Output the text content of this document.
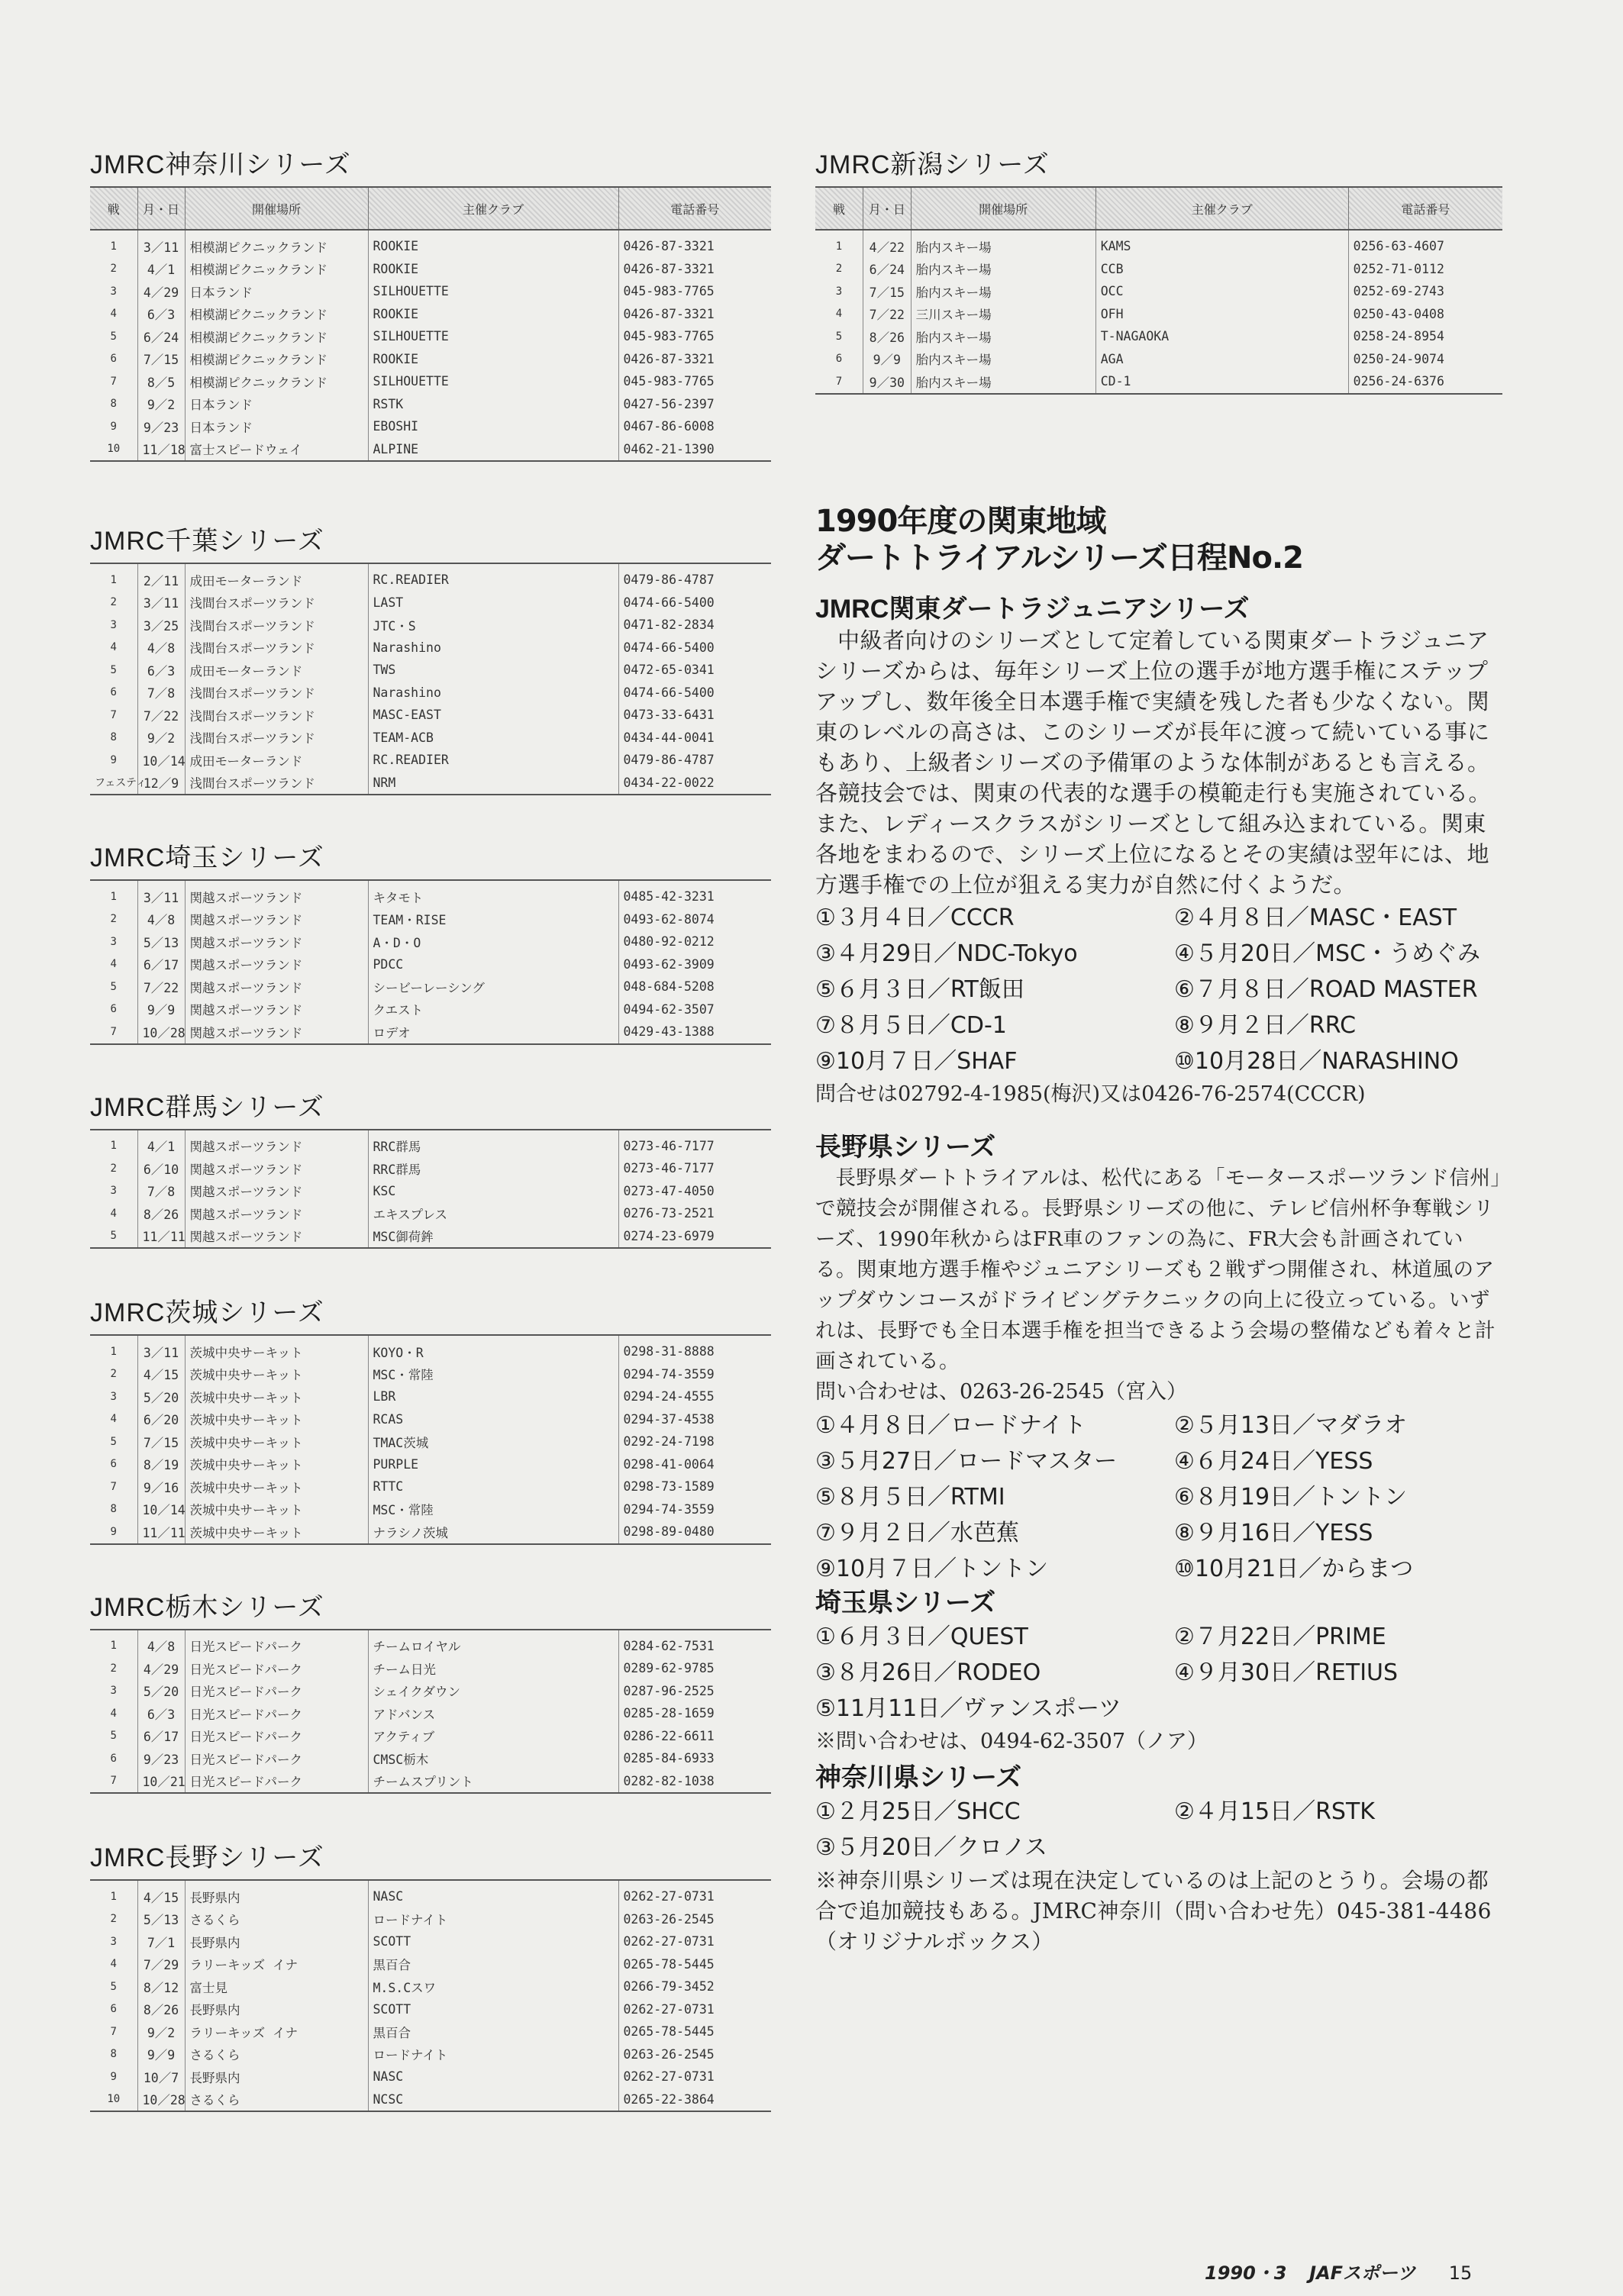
JMRC神奈川シリーズ
戦	月・日	開催場所	主催クラブ	電話番号
1	3／11	相模湖ピクニックランド	ROOKIE	0426-87-3321
2	4／1	相模湖ピクニックランド	ROOKIE	0426-87-3321
3	4／29	日本ランド	SILHOUETTE	045-983-7765
4	6／3	相模湖ピクニックランド	ROOKIE	0426-87-3321
5	6／24	相模湖ピクニックランド	SILHOUETTE	045-983-7765
6	7／15	相模湖ピクニックランド	ROOKIE	0426-87-3321
7	8／5	相模湖ピクニックランド	SILHOUETTE	045-983-7765
8	9／2	日本ランド	RSTK	0427-56-2397
9	9／23	日本ランド	EBOSHI	0467-86-6008
10	11／18	富士スピードウェイ	ALPINE	0462-21-1390
JMRC千葉シリーズ
1	2／11	成田モーターランド	RC.READIER	0479-86-4787
2	3／11	浅間台スポーツランド	LAST	0474-66-5400
3	3／25	浅間台スポーツランド	JTC・S	0471-82-2834
4	4／8	浅間台スポーツランド	Narashino	0474-66-5400
5	6／3	成田モーターランド	TWS	0472-65-0341
6	7／8	浅間台スポーツランド	Narashino	0474-66-5400
7	7／22	浅間台スポーツランド	MASC-EAST	0473-33-6431
8	9／2	浅間台スポーツランド	TEAM-ACB	0434-44-0041
9	10／14	成田モーターランド	RC.READIER	0479-86-4787
フェスティ	12／9	浅間台スポーツランド	NRM	0434-22-0022
JMRC埼玉シリーズ
1	3／11	関越スポーツランド	キタモト	0485-42-3231
2	4／8	関越スポーツランド	TEAM・RISE	0493-62-8074
3	5／13	関越スポーツランド	A・D・O	0480-92-0212
4	6／17	関越スポーツランド	PDCC	0493-62-3909
5	7／22	関越スポーツランド	シービーレーシング	048-684-5208
6	9／9	関越スポーツランド	クエスト	0494-62-3507
7	10／28	関越スポーツランド	ロデオ	0429-43-1388
JMRC群馬シリーズ
1	4／1	関越スポーツランド	RRC群馬	0273-46-7177
2	6／10	関越スポーツランド	RRC群馬	0273-46-7177
3	7／8	関越スポーツランド	KSC	0273-47-4050
4	8／26	関越スポーツランド	エキスプレス	0276-73-2521
5	11／11	関越スポーツランド	MSC御荷鉾	0274-23-6979
JMRC茨城シリーズ
1	3／11	茨城中央サーキット	KOYO・R	0298-31-8888
2	4／15	茨城中央サーキット	MSC・常陸	0294-74-3559
3	5／20	茨城中央サーキット	LBR	0294-24-4555
4	6／20	茨城中央サーキット	RCAS	0294-37-4538
5	7／15	茨城中央サーキット	TMAC茨城	0292-24-7198
6	8／19	茨城中央サーキット	PURPLE	0298-41-0064
7	9／16	茨城中央サーキット	RTTC	0298-73-1589
8	10／14	茨城中央サーキット	MSC・常陸	0294-74-3559
9	11／11	茨城中央サーキット	ナラシノ茨城	0298-89-0480
JMRC栃木シリーズ
1	4／8	日光スピードパーク	チームロイヤル	0284-62-7531
2	4／29	日光スピードパーク	チーム日光	0289-62-9785
3	5／20	日光スピードパーク	シェイクダウン	0287-96-2525
4	6／3	日光スピードパーク	アドバンス	0285-28-1659
5	6／17	日光スピードパーク	アクティブ	0286-22-6611
6	9／23	日光スピードパーク	CMSC栃木	0285-84-6933
7	10／21	日光スピードパーク	チームスプリント	0282-82-1038
JMRC長野シリーズ
1	4／15	長野県内	NASC	0262-27-0731
2	5／13	さるくら	ロードナイト	0263-26-2545
3	7／1	長野県内	SCOTT	0262-27-0731
4	7／29	ラリーキッズ イナ	黒百合	0265-78-5445
5	8／12	富士見	M.S.Cスワ	0266-79-3452
6	8／26	長野県内	SCOTT	0262-27-0731
7	9／2	ラリーキッズ イナ	黒百合	0265-78-5445
8	9／9	さるくら	ロードナイト	0263-26-2545
9	10／7	長野県内	NASC	0262-27-0731
10	10／28	さるくら	NCSC	0265-22-3864
JMRC新潟シリーズ
戦	月・日	開催場所	主催クラブ	電話番号
1	4／22	胎内スキー場	KAMS	0256-63-4607
2	6／24	胎内スキー場	CCB	0252-71-0112
3	7／15	胎内スキー場	OCC	0252-69-2743
4	7／22	三川スキー場	OFH	0250-43-0408
5	8／26	胎内スキー場	T-NAGAOKA	0258-24-8954
6	9／9	胎内スキー場	AGA	0250-24-9074
7	9／30	胎内スキー場	CD-1	0256-24-6376
1990年度の関東地域
ダートトライアルシリーズ日程No.2
JMRC関東ダートラジュニアシリーズ

中級者向けのシリーズとして定着している関東ダートラジュニアシリーズからは、毎年シリーズ上位の選手が地方選手権にステップアップし、数年後全日本選手権で実績を残した者も少なくない。関東のレベルの高さは、このシリーズが長年に渡って続いている事にもあり、上級者シリーズの予備軍のような体制があるとも言える。各競技会では、関東の代表的な選手の模範走行も実施されている。また、レディースクラスがシリーズとして組み込まれている。関東各地をまわるので、シリーズ上位になるとその実績は翌年には、地方選手権での上位が狙える実力が自然に付くようだ。

①３月４日／CCCR	②４月８日／MASC・EAST
③４月29日／NDC-Tokyo	④５月20日／MSC・うめぐみ
⑤６月３日／RT飯田	⑥７月８日／ROAD MASTER
⑦８月５日／CD-1	⑧９月２日／RRC
⑨10月７日／SHAF	⑩10月28日／NARASHINO

問合せは02792-4-1985(梅沢)又は0426-76-2574(CCCR)

長野県シリーズ

長野県ダートトライアルは、松代にある「モータースポーツランド信州」で競技会が開催される。長野県シリーズの他に、テレビ信州杯争奪戦シリーズ、1990年秋からはFR車のファンの為に、FR大会も計画されている。関東地方選手権やジュニアシリーズも２戦ずつ開催され、林道風のアップダウンコースがドライビングテクニックの向上に役立っている。いずれは、長野でも全日本選手権を担当できるよう会場の整備なども着々と計画されている。

問い合わせは、0263-26-2545（宮入）

①４月８日／ロードナイト	②５月13日／マダラオ
③５月27日／ロードマスター	④６月24日／YESS
⑤８月５日／RTMI	⑥８月19日／トントン
⑦９月２日／水芭蕉	⑧９月16日／YESS
⑨10月７日／トントン	⑩10月21日／からまつ
埼玉県シリーズ
①６月３日／QUEST	②７月22日／PRIME
③８月26日／RODEO	④９月30日／RETIUS
⑤11月11日／ヴァンスポーツ

※問い合わせは、0494-62-3507（ノア）

神奈川県シリーズ
①２月25日／SHCC	②４月15日／RSTK
③５月20日／クロノス

※神奈川県シリーズは現在決定しているのは上記のとうり。会場の都合で追加競技もある。JMRC神奈川（問い合わせ先）045-381-4486（オリジナルボックス）

1990・3 JAFスポーツ 15
